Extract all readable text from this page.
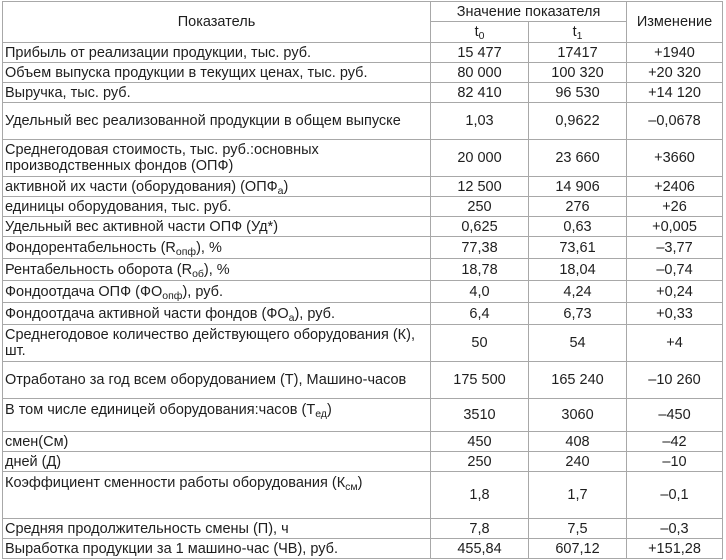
Показатель	Значение показателя		Изменение
	$t_0$	$t_1$
Прибыль от реализации продукции, тыс. руб.	15 477	17417	+1940
Объем выпуска продукции в текущих ценах, тыс. руб.	80 000	100 320	+20 320
Выручка, тыс. руб.	82 410	96 530	+14 120
Удельный вес реализованной продукции в общем выпуске	1,03	0,9622	–0,0678
Среднегодовая стоимость, тыс. руб.:основных производственных фондов (ОПФ)	20 000	23 660	+3660
активной их части (оборудования) $(ОПФ_а)$	12 500	14 906	+2406
единицы оборудования, тыс. руб.	250	276	+26
Удельный вес активной части ОПФ (Уд*)	0,625	0,63	+0,005
Фондорентабельность $(R_{опф})$, %	77,38	73,61	–3,77
Рентабельность оборота $(R_{об})$, %	18,78	18,04	–0,74
Фондоотдача ОПФ $(ФО_{опф})$, руб.	4,0	4,24	+0,24
Фондоотдача активной части фондов $(ФО_а)$, руб.	6,4	6,73	+0,33
Среднегодовое количество действующего оборудования (К), шт.	50	54	+4
Отработано за год всем оборудованием (Т), Машино-часов	175 500	165 240	–10 260
В том числе единицей оборудования:часов $(Т_{ед})$	3510	3060	–450
смен(См)	450	408	–42
дней (Д)	250	240	–10
Коэффициент сменности работы оборудования $(К_{см})$	1,8	1,7	–0,1
Средняя продолжительность смены (П), ч	7,8	7,5	–0,3
Выработка продукции за 1 машино-час (ЧВ), руб.	455,84	607,12	+151,28
